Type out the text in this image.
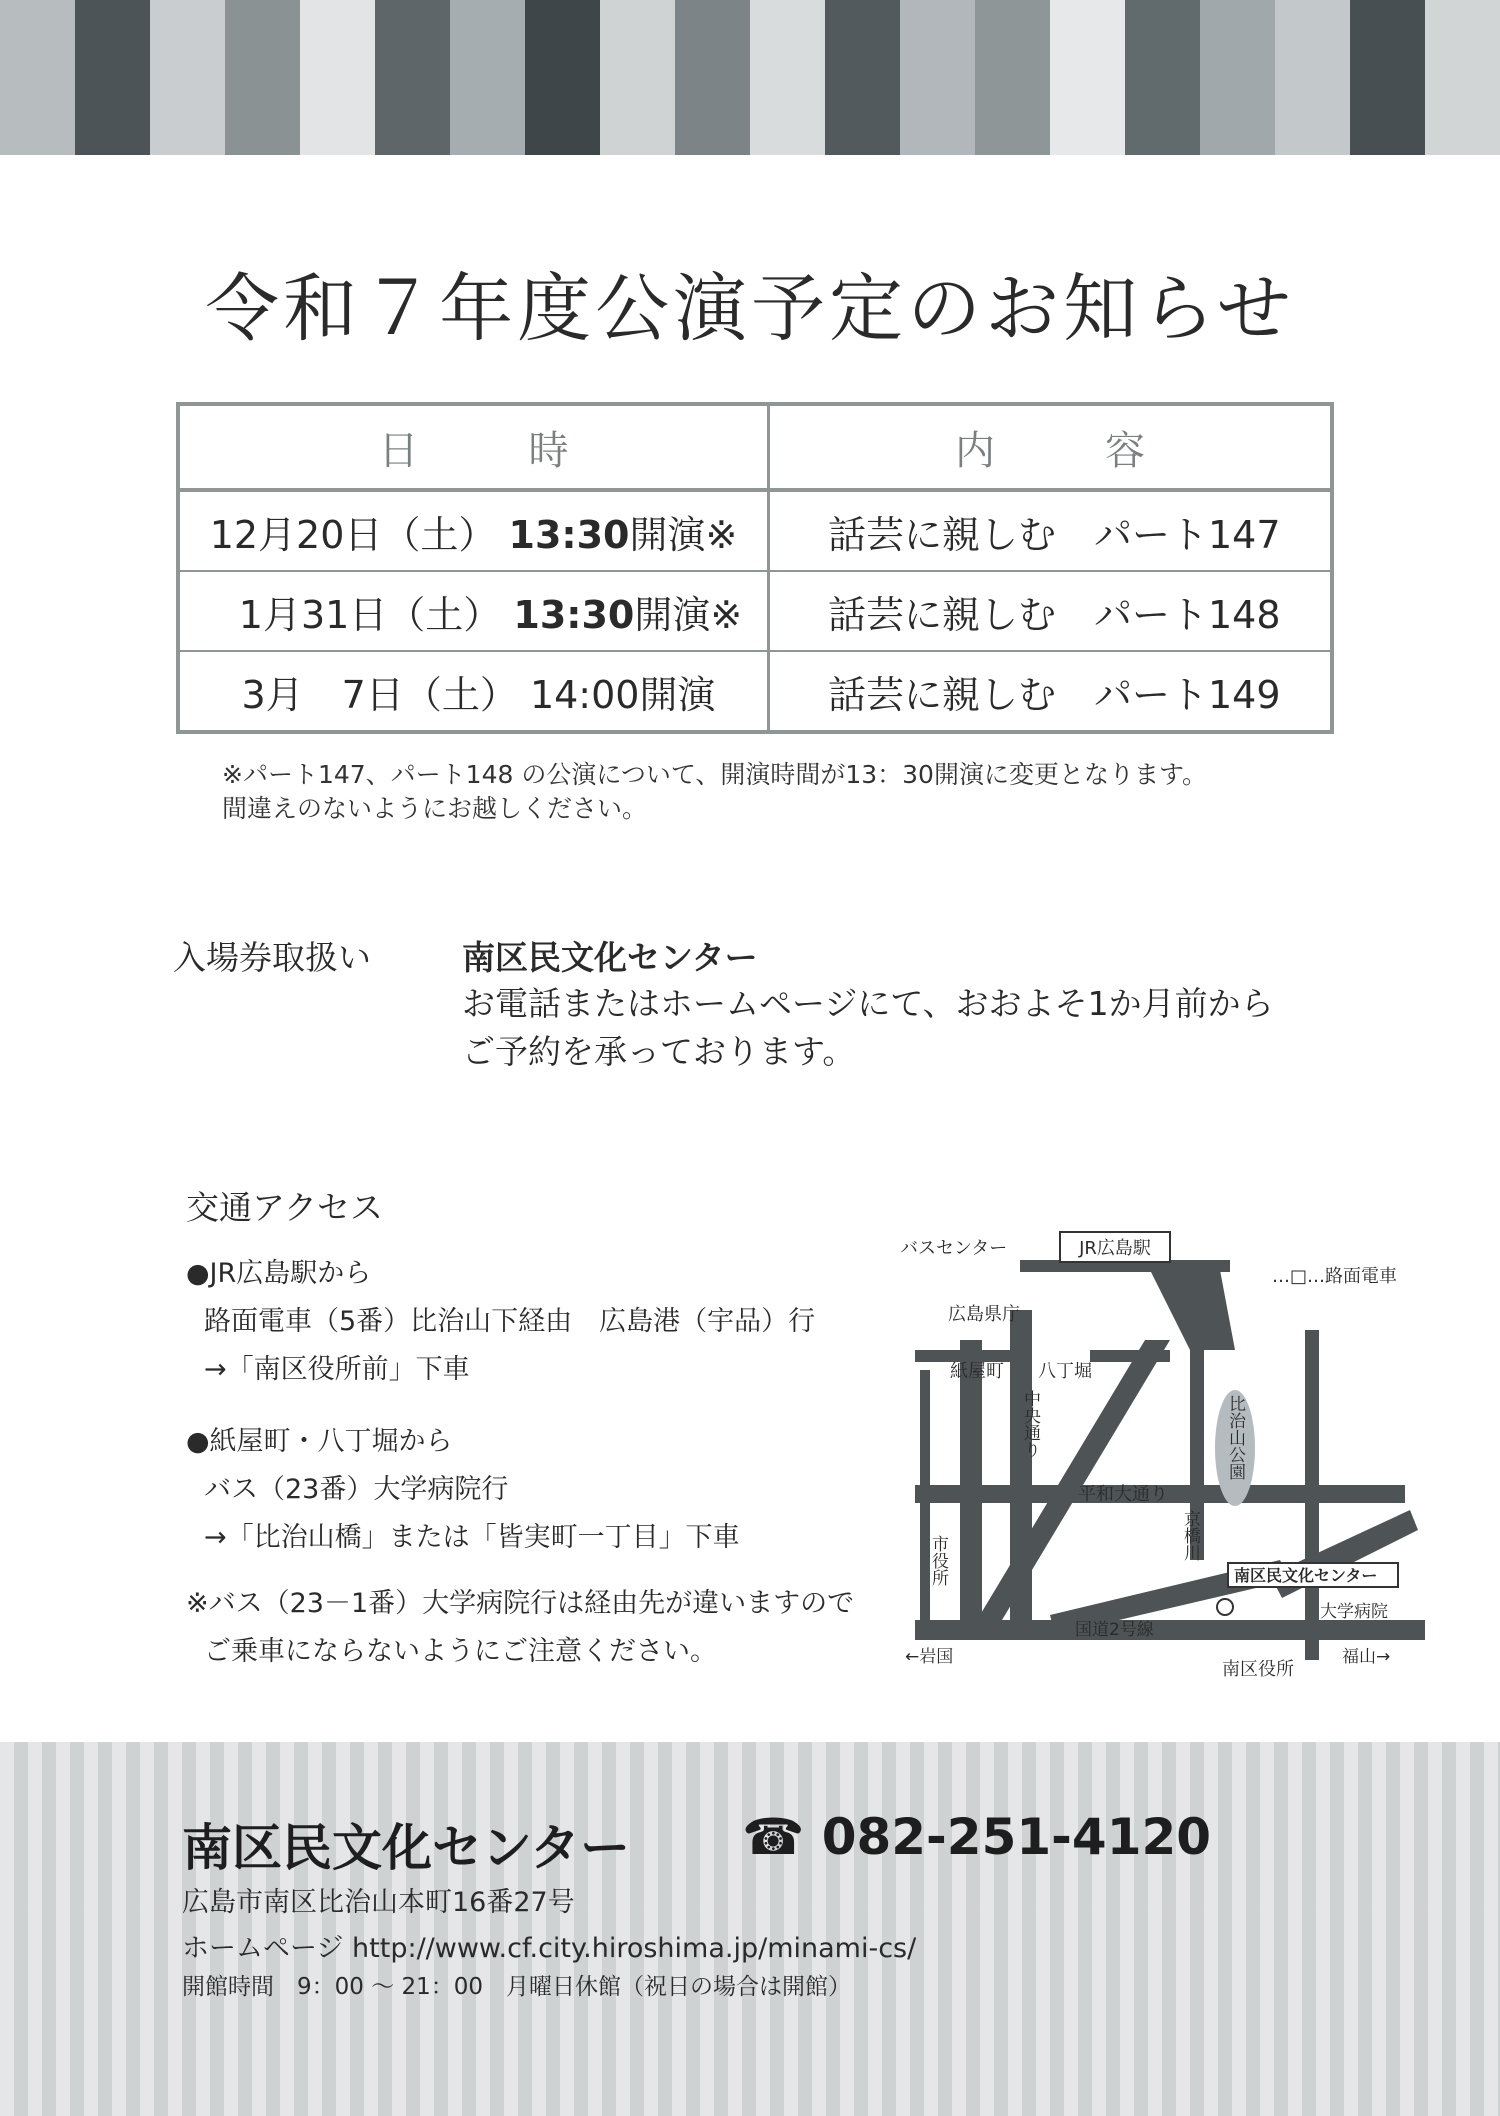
令和７年度公演予定のお知らせ
日時	内容
12月20日（土） 13:30開演※	話芸に親しむ　パート147
1月31日（土） 13:30開演※	話芸に親しむ　パート148
3月　7日（土） 14:00開演	話芸に親しむ　パート149
※パート147、パート148 の公演について、開演時間が13：30開演に変更となります。
間違えのないようにお越しください。
入場券取扱い	南区民文化センター
お電話またはホームページにて、おおよそ1か月前から
ご予約を承っております。
交通アクセス
●JR広島駅から
路面電車（5番）比治山下経由　広島港（宇品）行
→「南区役所前」下車
●紙屋町・八丁堀から
バス（23番）大学病院行
→「比治山橋」または「皆実町一丁目」下車
※バス（23－1番）大学病院行は経由先が違いますので
ご乗車にならないようにご注意ください。
JR広島駅
バスセンター
…□…路面電車
広島県庁
紙屋町 八丁堀
中央通り	比治山公園
平和大通り
京橋川
市役所	南区民文化センター
大学病院
国道2号線
←岩国
南区役所
福山→
南区民文化センター ☎ 082-251-4120
広島市南区比治山本町16番27号
ホームページ http://www.cf.city.hiroshima.jp/minami-cs/
開館時間　9：00 ～ 21：00　月曜日休館（祝日の場合は開館）
